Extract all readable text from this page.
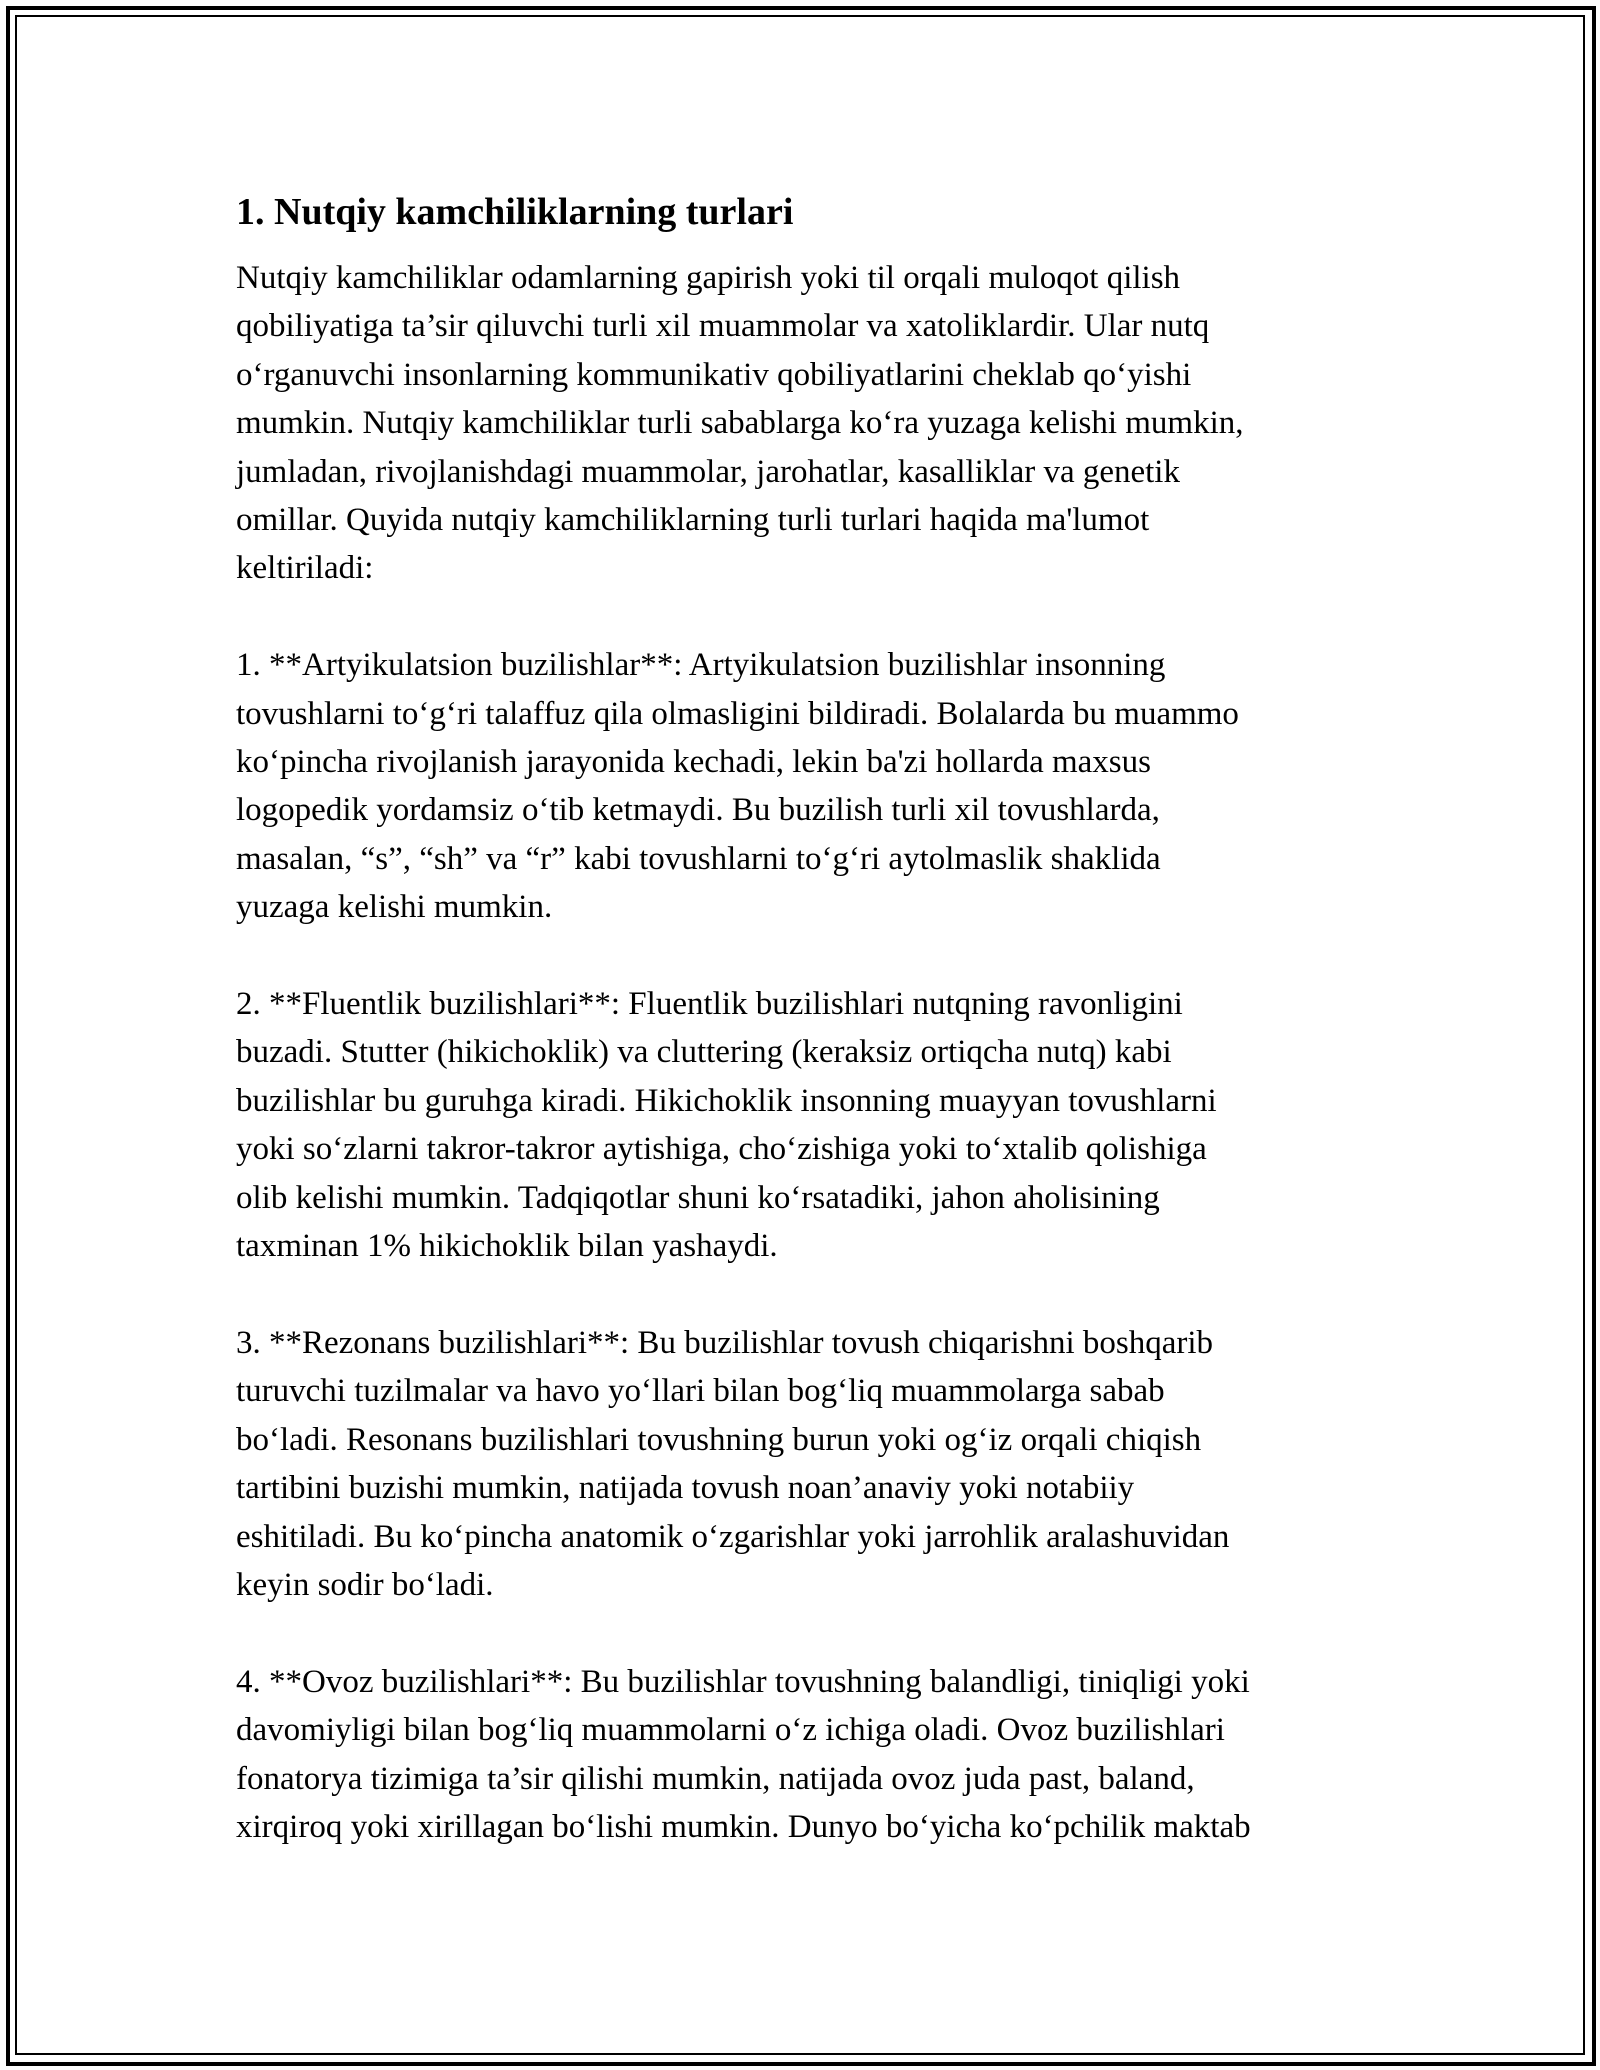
1. Nutqiy kamchiliklarning turlari

Nutqiy kamchiliklar odamlarning gapirish yoki til orqali muloqot qilish
qobiliyatiga ta’sir qiluvchi turli xil muammolar va xatoliklardir. Ular nutq
o‘rganuvchi insonlarning kommunikativ qobiliyatlarini cheklab qo‘yishi
mumkin. Nutqiy kamchiliklar turli sabablarga ko‘ra yuzaga kelishi mumkin,
jumladan, rivojlanishdagi muammolar, jarohatlar, kasalliklar va genetik
omillar. Quyida nutqiy kamchiliklarning turli turlari haqida ma'lumot
keltiriladi:

1. **Artyikulatsion buzilishlar**: Artyikulatsion buzilishlar insonning
tovushlarni to‘g‘ri talaffuz qila olmasligini bildiradi. Bolalarda bu muammo
ko‘pincha rivojlanish jarayonida kechadi, lekin ba'zi hollarda maxsus
logopedik yordamsiz o‘tib ketmaydi. Bu buzilish turli xil tovushlarda,
masalan, “s”, “sh” va “r” kabi tovushlarni to‘g‘ri aytolmaslik shaklida
yuzaga kelishi mumkin.

2. **Fluentlik buzilishlari**: Fluentlik buzilishlari nutqning ravonligini
buzadi. Stutter (hikichoklik) va cluttering (keraksiz ortiqcha nutq) kabi
buzilishlar bu guruhga kiradi. Hikichoklik insonning muayyan tovushlarni
yoki so‘zlarni takror-takror aytishiga, cho‘zishiga yoki to‘xtalib qolishiga
olib kelishi mumkin. Tadqiqotlar shuni ko‘rsatadiki, jahon aholisining
taxminan 1% hikichoklik bilan yashaydi.

3. **Rezonans buzilishlari**: Bu buzilishlar tovush chiqarishni boshqarib
turuvchi tuzilmalar va havo yo‘llari bilan bog‘liq muammolarga sabab
bo‘ladi. Resonans buzilishlari tovushning burun yoki og‘iz orqali chiqish
tartibini buzishi mumkin, natijada tovush noan’anaviy yoki notabiiy
eshitiladi. Bu ko‘pincha anatomik o‘zgarishlar yoki jarrohlik aralashuvidan
keyin sodir bo‘ladi.

4. **Ovoz buzilishlari**: Bu buzilishlar tovushning balandligi, tiniqligi yoki
davomiyligi bilan bog‘liq muammolarni o‘z ichiga oladi. Ovoz buzilishlari
fonatorya tizimiga ta’sir qilishi mumkin, natijada ovoz juda past, baland,
xirqiroq yoki xirillagan bo‘lishi mumkin. Dunyo bo‘yicha ko‘pchilik maktab
